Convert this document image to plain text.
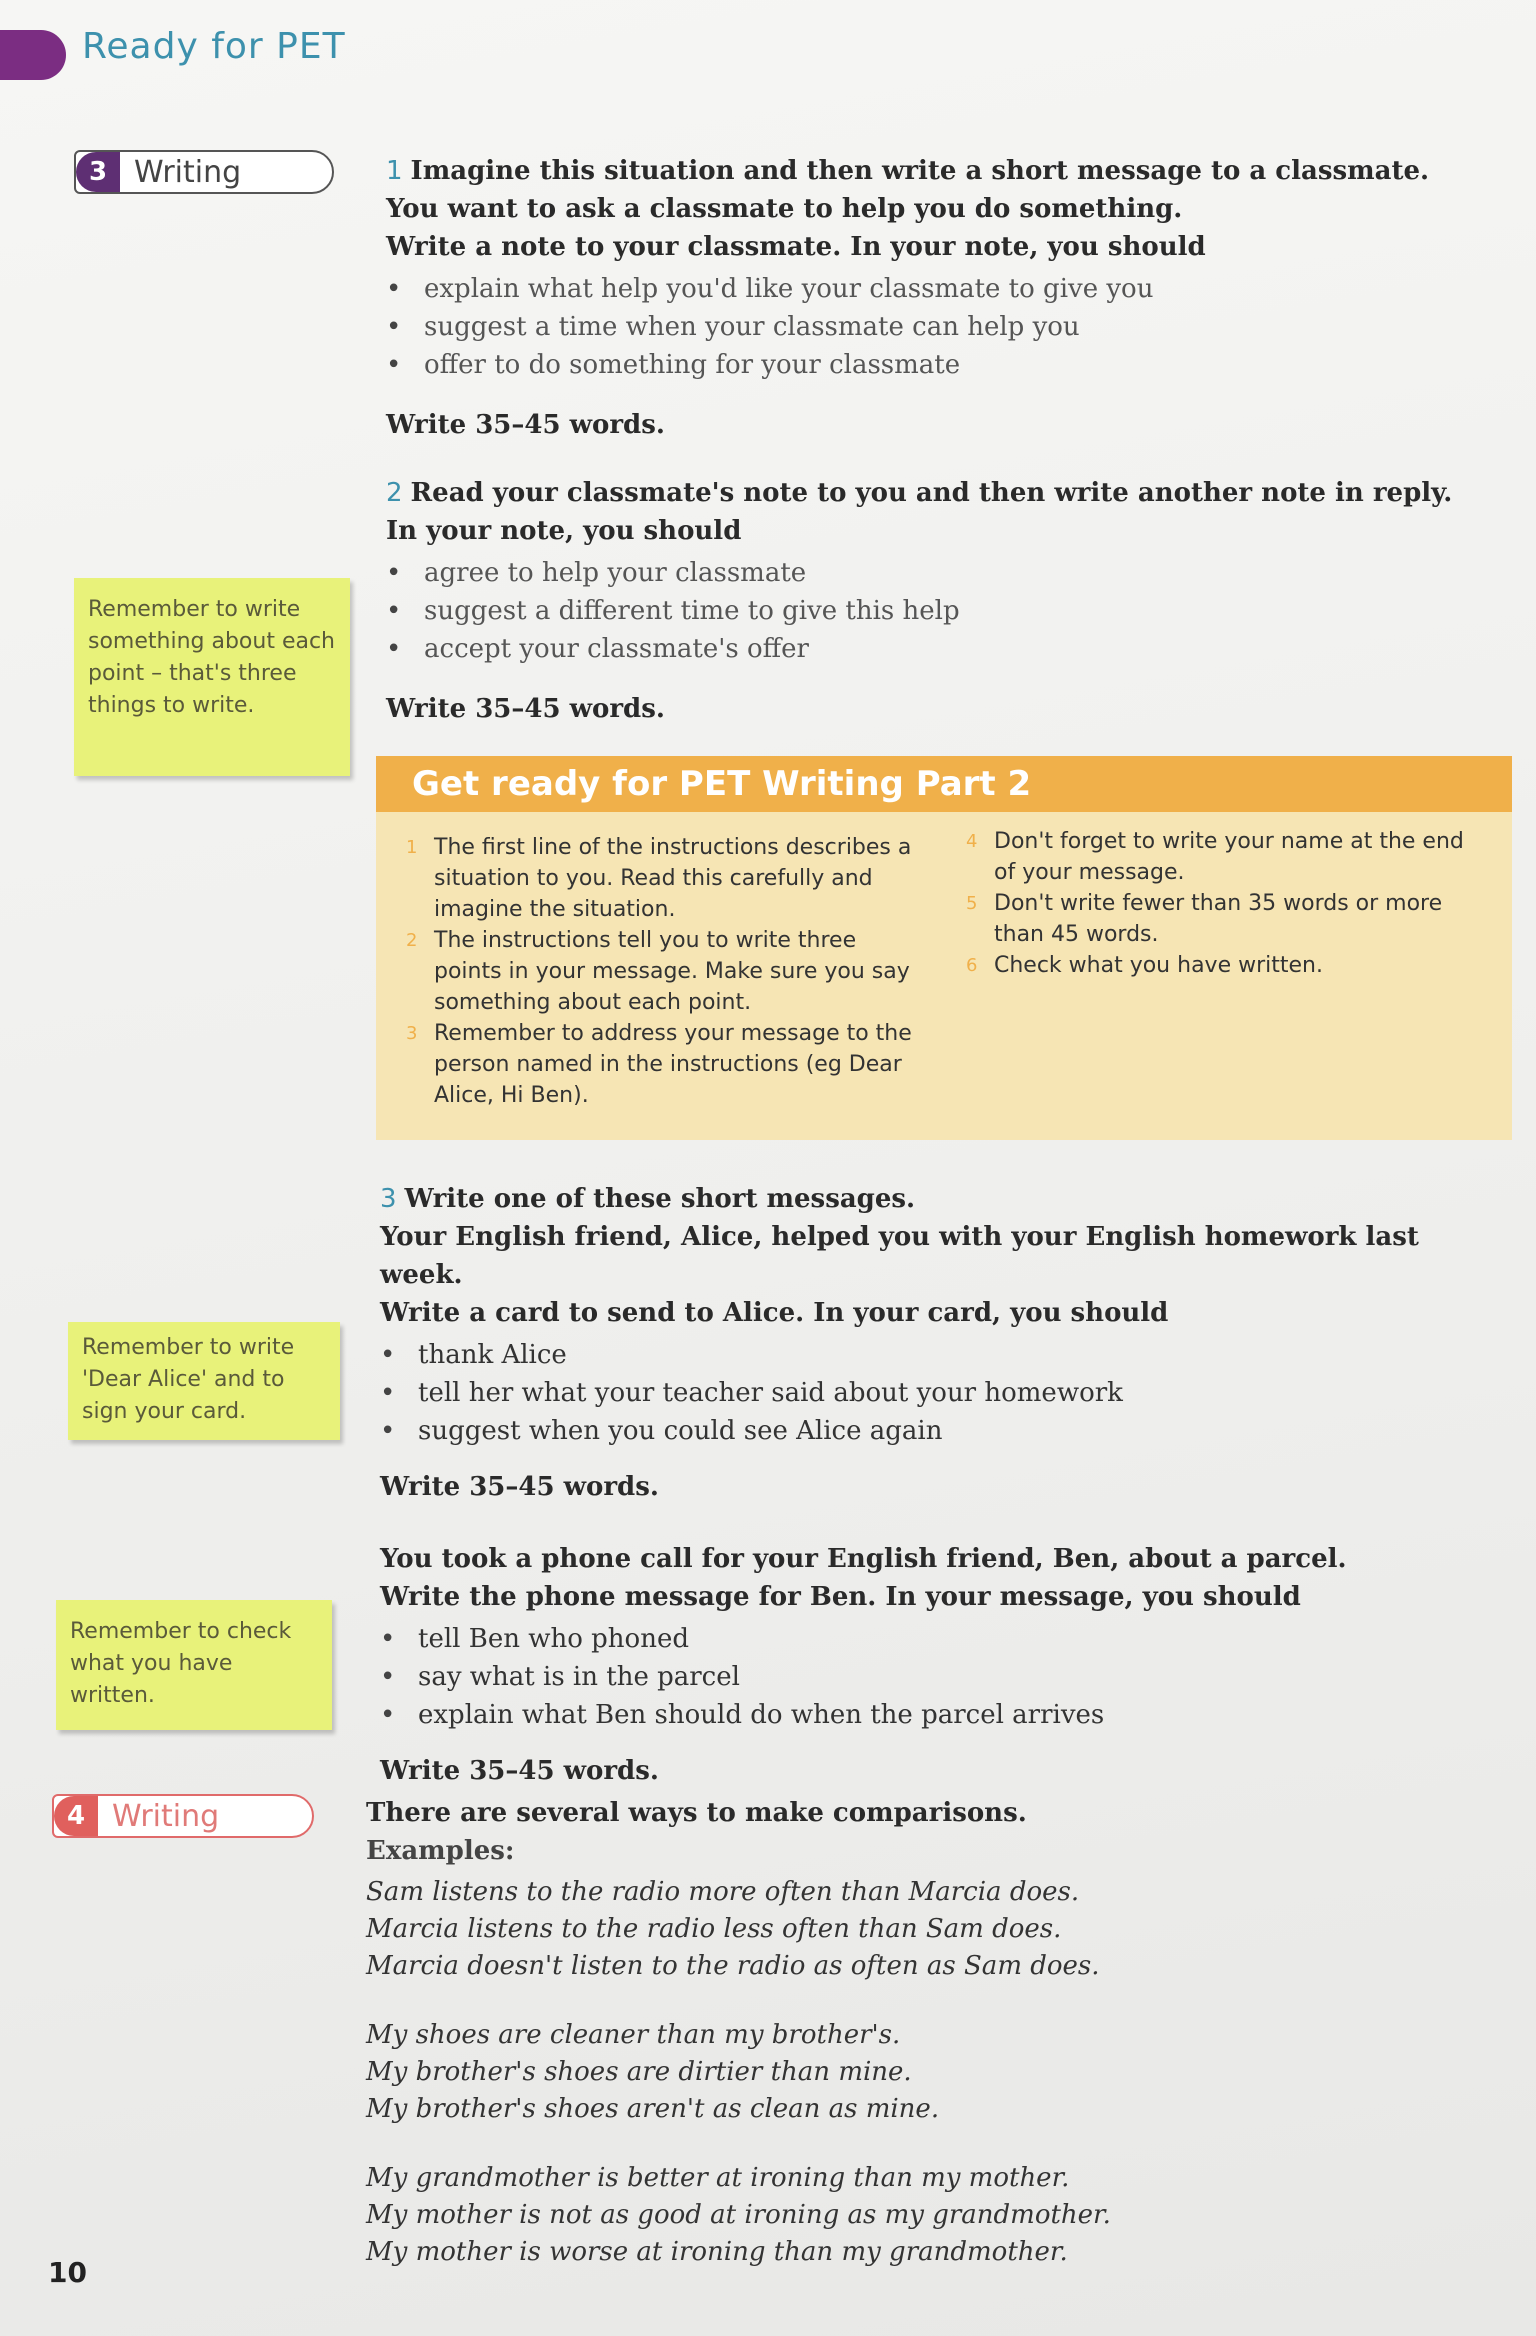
Ready for PET
3 Writing	1 Imagine this situation and then write a short message to a classmate.
You want to ask a classmate to help you do something.
Write a note to your classmate. In your note, you should
• explain what help you'd like your classmate to give you
• suggest a time when your classmate can help you
• offer to do something for your classmate
Write 35–45 words.
2 Read your classmate's note to you and then write another note in reply.
In your note, you should
• agree to help your classmate
• suggest a different time to give this help
• accept your classmate's offer
Write 35–45 words.
Remember to write something about each point – that's three things to write.
Get ready for PET Writing Part 2
1 The first line of the instructions describes a situation to you. Read this carefully and imagine the situation.
2 The instructions tell you to write three points in your message. Make sure you say something about each point.
3 Remember to address your message to the person named in the instructions (eg Dear Alice, Hi Ben).
4 Don't forget to write your name at the end of your message.
5 Don't write fewer than 35 words or more than 45 words.
6 Check what you have written.
3 Write one of these short messages.
Your English friend, Alice, helped you with your English homework last week.
Write a card to send to Alice. In your card, you should
• thank Alice
• tell her what your teacher said about your homework
• suggest when you could see Alice again
Write 35–45 words.
You took a phone call for your English friend, Ben, about a parcel.
Write the phone message for Ben. In your message, you should
• tell Ben who phoned
• say what is in the parcel
• explain what Ben should do when the parcel arrives
Write 35–45 words.
Remember to write 'Dear Alice' and to sign your card.
Remember to check what you have written.
4 Writing	There are several ways to make comparisons.
Examples:
Sam listens to the radio more often than Marcia does.
Marcia listens to the radio less often than Sam does.
Marcia doesn't listen to the radio as often as Sam does.
My shoes are cleaner than my brother's.
My brother's shoes are dirtier than mine.
My brother's shoes aren't as clean as mine.
My grandmother is better at ironing than my mother.
My mother is not as good at ironing as my grandmother.
My mother is worse at ironing than my grandmother.
10
